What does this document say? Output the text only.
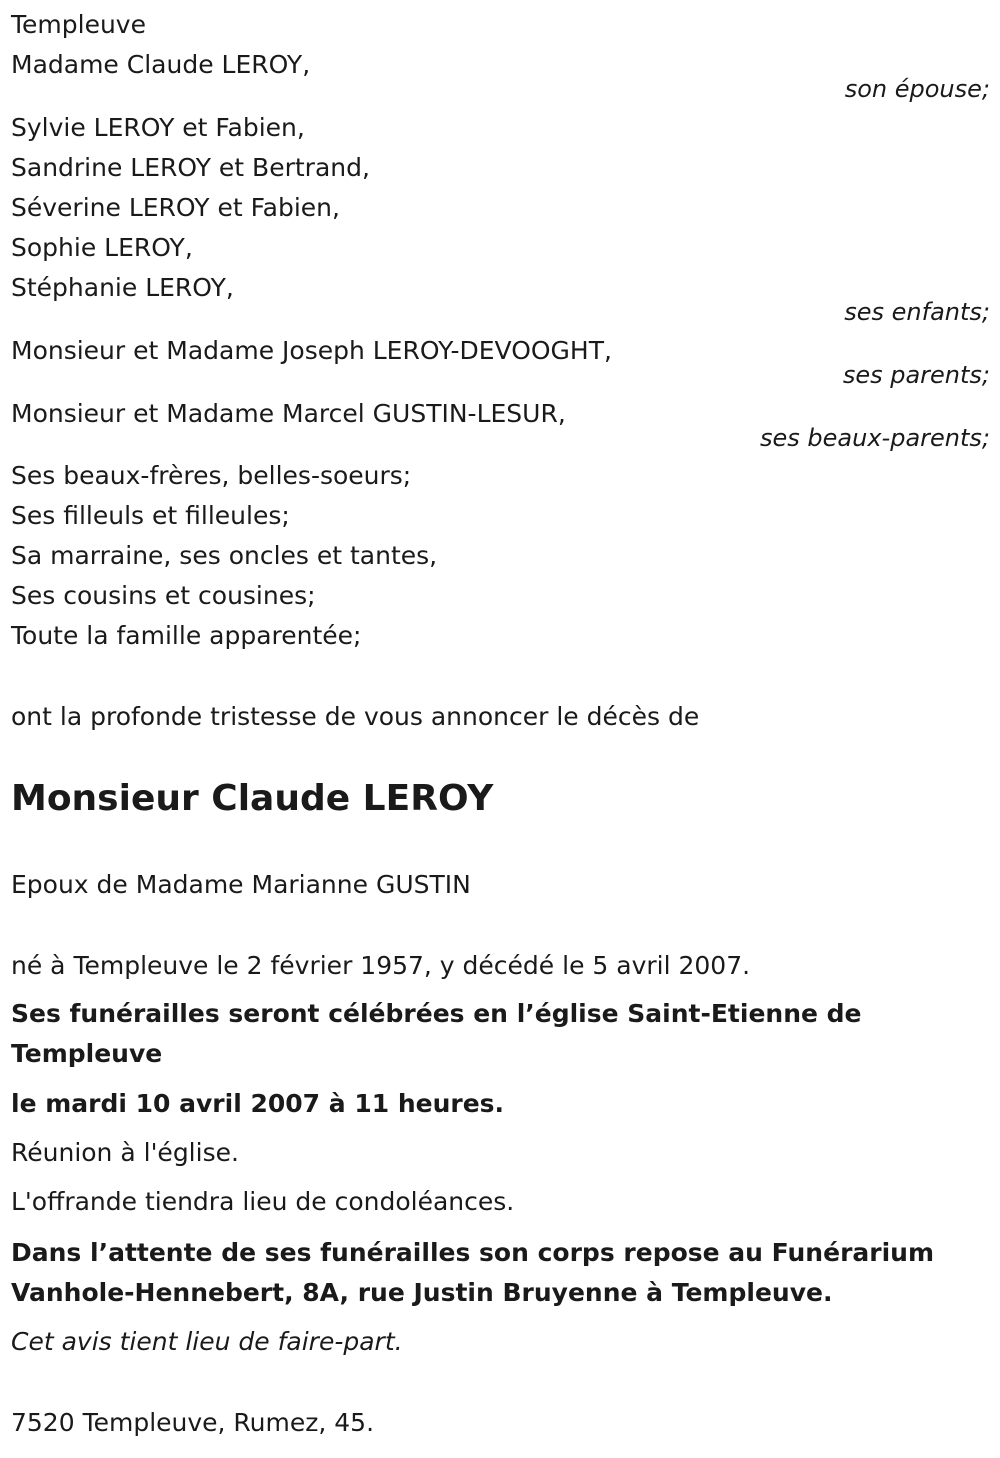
Templeuve
Madame Claude LEROY,
son épouse;
Sylvie LEROY et Fabien,
Sandrine LEROY et Bertrand,
Séverine LEROY et Fabien,
Sophie LEROY,
Stéphanie LEROY,
ses enfants;
Monsieur et Madame Joseph LEROY-DEVOOGHT,
ses parents;
Monsieur et Madame Marcel GUSTIN-LESUR,
ses beaux-parents;
Ses beaux-frères, belles-soeurs;
Ses filleuls et filleules;
Sa marraine, ses oncles et tantes,
Ses cousins et cousines;
Toute la famille apparentée;
ont la profonde tristesse de vous annoncer le décès de
Monsieur Claude LEROY
Epoux de Madame Marianne GUSTIN
né à Templeuve le 2 février 1957, y décédé le 5 avril 2007.
Ses funérailles seront célébrées en l’église Saint-Etienne de
Templeuve
le mardi 10 avril 2007 à 11 heures.
Réunion à l'église.
L'offrande tiendra lieu de condoléances.
Dans l’attente de ses funérailles son corps repose au Funérarium
Vanhole-Hennebert, 8A, rue Justin Bruyenne à Templeuve.
Cet avis tient lieu de faire-part.
7520 Templeuve, Rumez, 45.
